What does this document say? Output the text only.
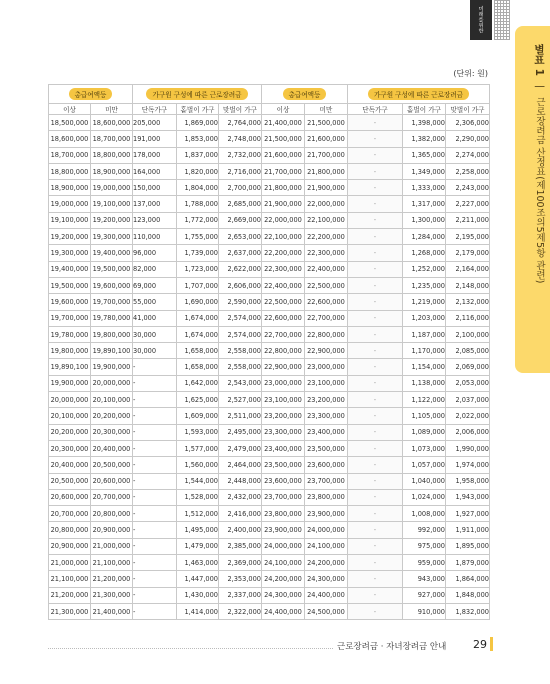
미래를위한
별표 1 | 근로장려금 산정표(제100조의5제5항 관련)
(단위: 원)
총급여액등		가구원 구성에 따른 근로장려금			총급여액등		가구원 구성에 따른 근로장려금		
이상	미만	단독가구	홑벌이 가구	맞벌이 가구	이상	미만	단독가구	홑벌이 가구	맞벌이 가구
18,500,000	18,600,000	205,000	1,869,000	2,764,000	21,400,000	21,500,000	-	1,398,000	2,306,000
18,600,000	18,700,000	191,000	1,853,000	2,748,000	21,500,000	21,600,000	-	1,382,000	2,290,000
18,700,000	18,800,000	178,000	1,837,000	2,732,000	21,600,000	21,700,000	-	1,365,000	2,274,000
18,800,000	18,900,000	164,000	1,820,000	2,716,000	21,700,000	21,800,000	-	1,349,000	2,258,000
18,900,000	19,000,000	150,000	1,804,000	2,700,000	21,800,000	21,900,000	-	1,333,000	2,243,000
19,000,000	19,100,000	137,000	1,788,000	2,685,000	21,900,000	22,000,000	-	1,317,000	2,227,000
19,100,000	19,200,000	123,000	1,772,000	2,669,000	22,000,000	22,100,000	-	1,300,000	2,211,000
19,200,000	19,300,000	110,000	1,755,000	2,653,000	22,100,000	22,200,000	-	1,284,000	2,195,000
19,300,000	19,400,000	96,000	1,739,000	2,637,000	22,200,000	22,300,000	-	1,268,000	2,179,000
19,400,000	19,500,000	82,000	1,723,000	2,622,000	22,300,000	22,400,000	-	1,252,000	2,164,000
19,500,000	19,600,000	69,000	1,707,000	2,606,000	22,400,000	22,500,000	-	1,235,000	2,148,000
19,600,000	19,700,000	55,000	1,690,000	2,590,000	22,500,000	22,600,000	-	1,219,000	2,132,000
19,700,000	19,780,000	41,000	1,674,000	2,574,000	22,600,000	22,700,000	-	1,203,000	2,116,000
19,780,000	19,800,000	30,000	1,674,000	2,574,000	22,700,000	22,800,000	-	1,187,000	2,100,000
19,800,000	19,890,100	30,000	1,658,000	2,558,000	22,800,000	22,900,000	-	1,170,000	2,085,000
19,890,100	19,900,000	-	1,658,000	2,558,000	22,900,000	23,000,000	-	1,154,000	2,069,000
19,900,000	20,000,000	-	1,642,000	2,543,000	23,000,000	23,100,000	-	1,138,000	2,053,000
20,000,000	20,100,000	-	1,625,000	2,527,000	23,100,000	23,200,000	-	1,122,000	2,037,000
20,100,000	20,200,000	-	1,609,000	2,511,000	23,200,000	23,300,000	-	1,105,000	2,022,000
20,200,000	20,300,000	-	1,593,000	2,495,000	23,300,000	23,400,000	-	1,089,000	2,006,000
20,300,000	20,400,000	-	1,577,000	2,479,000	23,400,000	23,500,000	-	1,073,000	1,990,000
20,400,000	20,500,000	-	1,560,000	2,464,000	23,500,000	23,600,000	-	1,057,000	1,974,000
20,500,000	20,600,000	-	1,544,000	2,448,000	23,600,000	23,700,000	-	1,040,000	1,958,000
20,600,000	20,700,000	-	1,528,000	2,432,000	23,700,000	23,800,000	-	1,024,000	1,943,000
20,700,000	20,800,000	-	1,512,000	2,416,000	23,800,000	23,900,000	-	1,008,000	1,927,000
20,800,000	20,900,000	-	1,495,000	2,400,000	23,900,000	24,000,000	-	992,000	1,911,000
20,900,000	21,000,000	-	1,479,000	2,385,000	24,000,000	24,100,000	-	975,000	1,895,000
21,000,000	21,100,000	-	1,463,000	2,369,000	24,100,000	24,200,000	-	959,000	1,879,000
21,100,000	21,200,000	-	1,447,000	2,353,000	24,200,000	24,300,000	-	943,000	1,864,000
21,200,000	21,300,000	-	1,430,000	2,337,000	24,300,000	24,400,000	-	927,000	1,848,000
21,300,000	21,400,000	-	1,414,000	2,322,000	24,400,000	24,500,000	-	910,000	1,832,000
근로장려금 · 자녀장려금 안내 29
